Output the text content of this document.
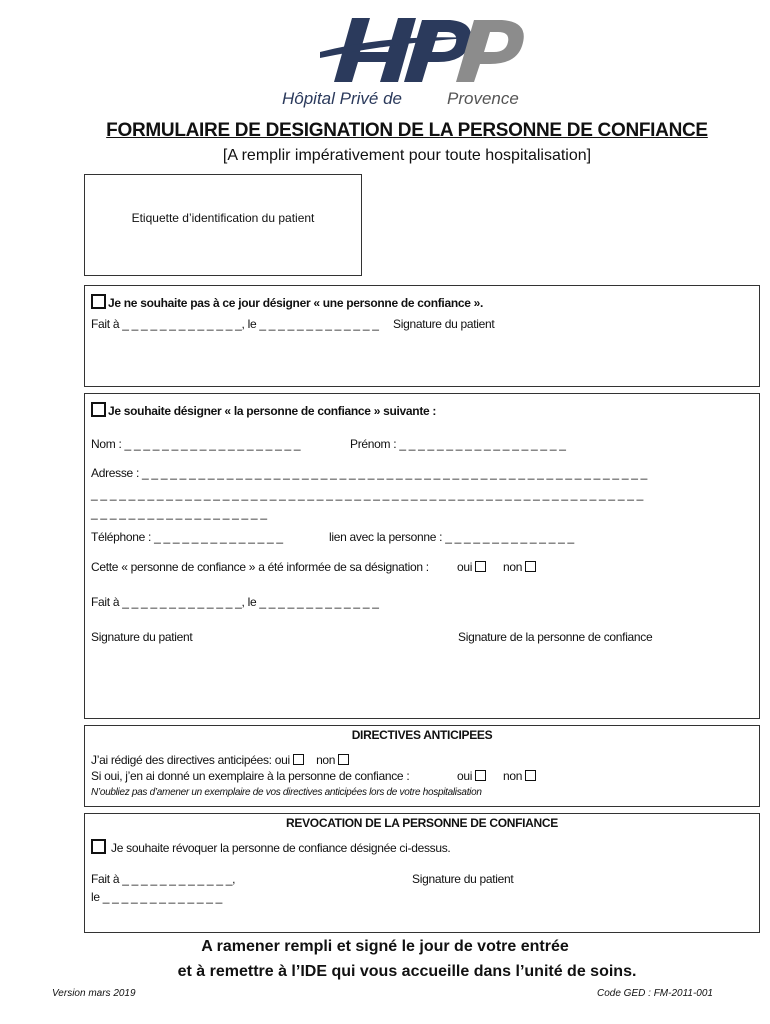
Hôpital Privé de	Provence
FORMULAIRE DE DESIGNATION DE LA PERSONNE DE CONFIANCE
[A remplir impérativement pour toute hospitalisation]
Etiquette d’identification du patient
Je ne souhaite pas à ce jour désigner « une personne de confiance ».
Fait à _ _ _ _ _ _ _ _ _ _ _ _ _, le _ _ _ _ _ _ _ _ _ _ _ _ _ Signature du patient
Je souhaite désigner « la personne de confiance » suivante :
Nom : _ _ _ _ _ _ _ _ _ _ _ _ _ _ _ _ _ _ _	Prénom : _ _ _ _ _ _ _ _ _ _ _ _ _ _ _ _ _ _
Adresse : _ _ _ _ _ _ _ _ _ _ _ _ _ _ _ _ _ _ _ _ _ _ _ _ _ _ _ _ _ _ _ _ _ _ _ _ _ _ _ _ _ _ _ _ _ _ _ _ _ _ _ _ _ _
_ _ _ _ _ _ _ _ _ _ _ _ _ _ _ _ _ _ _ _ _ _ _ _ _ _ _ _ _ _ _ _ _ _ _ _ _ _ _ _ _ _ _ _ _ _ _ _ _ _ _ _ _ _ _ _ _ _ _
_ _ _ _ _ _ _ _ _ _ _ _ _ _ _ _ _ _ _
Téléphone : _ _ _ _ _ _ _ _ _ _ _ _ _ _	lien avec la personne : _ _ _ _ _ _ _ _ _ _ _ _ _ _
Cette « personne de confiance » a été informée de sa désignation : oui	non
Fait à _ _ _ _ _ _ _ _ _ _ _ _ _, le _ _ _ _ _ _ _ _ _ _ _ _ _
Signature du patient	Signature de la personne de confiance
DIRECTIVES ANTICIPEES
J’ai rédigé des directives anticipées: oui non
Si oui, j’en ai donné un exemplaire à la personne de confiance :	oui	non
N’oubliez pas d’amener un exemplaire de vos directives anticipées lors de votre hospitalisation
REVOCATION DE LA PERSONNE DE CONFIANCE
Je souhaite révoquer la personne de confiance désignée ci-dessus.
Fait à _ _ _ _ _ _ _ _ _ _ _ _,
le _ _ _ _ _ _ _ _ _ _ _ _ _
Signature du patient
A ramener rempli et signé le jour de votre entrée
et à remettre à l’IDE qui vous accueille dans l’unité de soins.
Version mars 2019	Code GED : FM-2011-001
